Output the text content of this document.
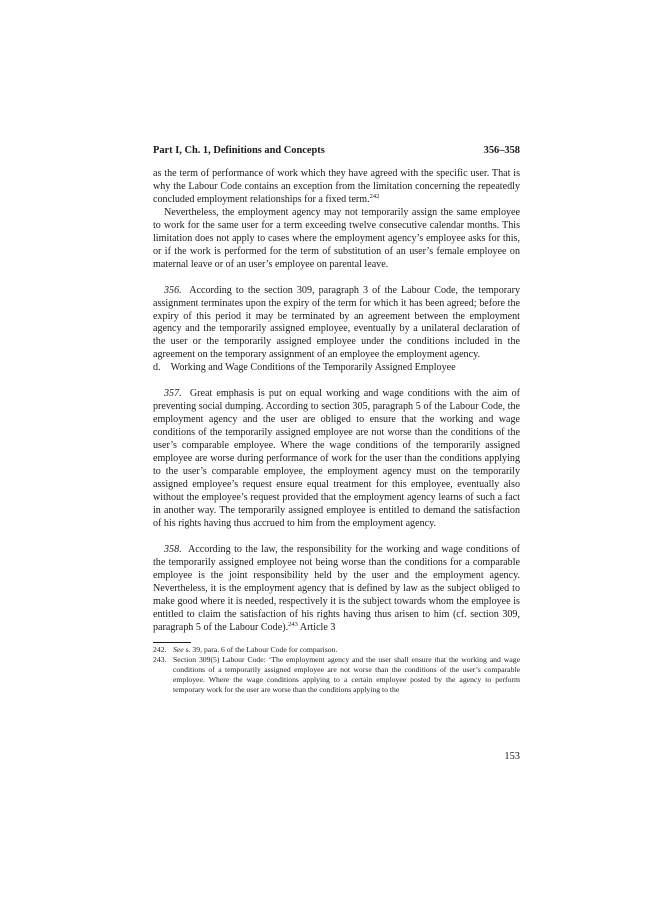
Part I, Ch. 1, Definitions and Concepts	356–358

as the term of performance of work which they have agreed with the specific user. That is why the Labour Code contains an exception from the limitation concerning the repeatedly concluded employment relationships for a fixed term.$^{242}$

Nevertheless, the employment agency may not temporarily assign the same employee to work for the same user for a term exceeding twelve consecutive calendar months. This limitation does not apply to cases where the employment agency’s employee asks for this, or if the work is performed for the term of substitution of an user’s female employee on maternal leave or of an user’s employee on parental leave.

356. According to the section 309, paragraph 3 of the Labour Code, the temporary assignment terminates upon the expiry of the term for which it has been agreed; before the expiry of this period it may be terminated by an agreement between the employment agency and the temporarily assigned employee, eventually by a unilateral declaration of the user or the temporarily assigned employee under the conditions included in the agreement on the temporary assignment of an employee the employment agency.

d. Working and Wage Conditions of the Temporarily Assigned Employee

357. Great emphasis is put on equal working and wage conditions with the aim of preventing social dumping. According to section 305, paragraph 5 of the Labour Code, the employment agency and the user are obliged to ensure that the working and wage conditions of the temporarily assigned employee are not worse than the conditions of the user’s comparable employee. Where the wage conditions of the temporarily assigned employee are worse during performance of work for the user than the conditions applying to the user’s comparable employee, the employment agency must on the temporarily assigned employee’s request ensure equal treatment for this employee, eventually also without the employee’s request provided that the employment agency learns of such a fact in another way. The temporarily assigned employee is entitled to demand the satisfaction of his rights having thus accrued to him from the employment agency.

358. According to the law, the responsibility for the working and wage conditions of the temporarily assigned employee not being worse than the conditions for a comparable employee is the joint responsibility held by the user and the employment agency. Nevertheless, it is the employment agency that is defined by law as the subject obliged to make good where it is needed, respectively it is the subject towards whom the employee is entitled to claim the satisfaction of his rights having thus arisen to him (cf. section 309, paragraph 5 of the Labour Code).$^{243}$ Article 3

242. See s. 39, para. 6 of the Labour Code for comparison.
243. Section 309(5) Labour Code: ‘The employment agency and the user shall ensure that the working and wage conditions of a temporarily assigned employee are not worse than the conditions of the user’s comparable employee. Where the wage conditions applying to a certain employee posted by the agency to perform temporary work for the user are worse than the conditions applying to the
153
